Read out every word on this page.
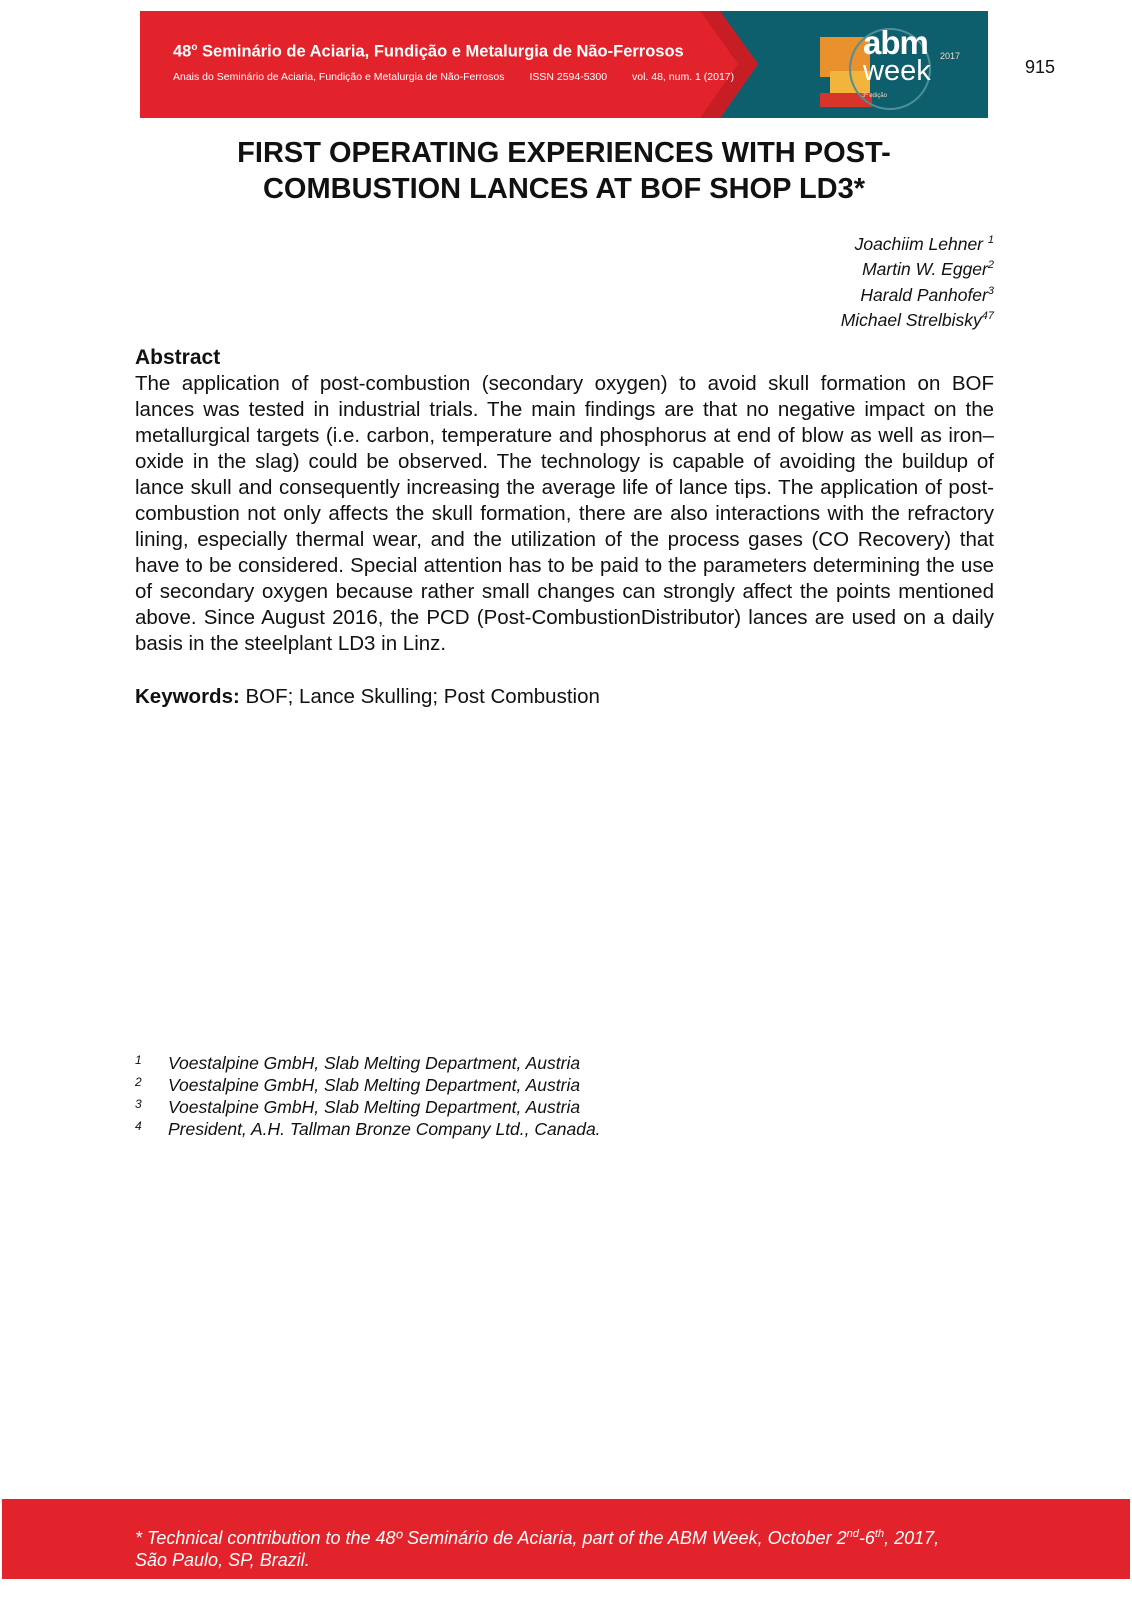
48$^o$ Seminário de Aciaria, Fundição e Metalurgia de Não-Ferrosos
Anais do Seminário de Aciaria, Fundição e Metalurgia de Não-Ferrosos ISSN 2594-5300 vol. 48, num. 1 (2017)
abm
week 2017
3ª edição
915
FIRST OPERATING EXPERIENCES WITH POST-
COMBUSTION LANCES AT BOF SHOP LD3*
Joachiim Lehner $^1$
Martin W. Egger$^2$
Harald Panhofer$^3$
Michael Strelbisky$^{47}$
Abstract
The application of post-combustion (secondary oxygen) to avoid skull formation on BOF lances was tested in industrial trials. The main findings are that no negative impact on the metallurgical targets (i.e. carbon, temperature and phosphorus at end of blow as well as iron–oxide in the slag) could be observed. The technology is capable of avoiding the buildup of lance skull and consequently increasing the average life of lance tips. The application of post-combustion not only affects the skull formation, there are also interactions with the refractory lining, especially thermal wear, and the utilization of the process gases (CO Recovery) that have to be considered. Special attention has to be paid to the parameters determining the use of secondary oxygen because rather small changes can strongly affect the points mentioned above. Since August 2016, the PCD (Post-CombustionDistributor) lances are used on a daily basis in the steelplant LD3 in Linz.
Keywords: BOF; Lance Skulling; Post Combustion
1	Voestalpine GmbH, Slab Melting Department, Austria
2	Voestalpine GmbH, Slab Melting Department, Austria
3	Voestalpine GmbH, Slab Melting Department, Austria
4	President, A.H. Tallman Bronze Company Ltd., Canada.
* Technical contribution to the 48º Seminário de Aciaria, part of the ABM Week, October 2nd-6th, 2017,
São Paulo, SP, Brazil.
